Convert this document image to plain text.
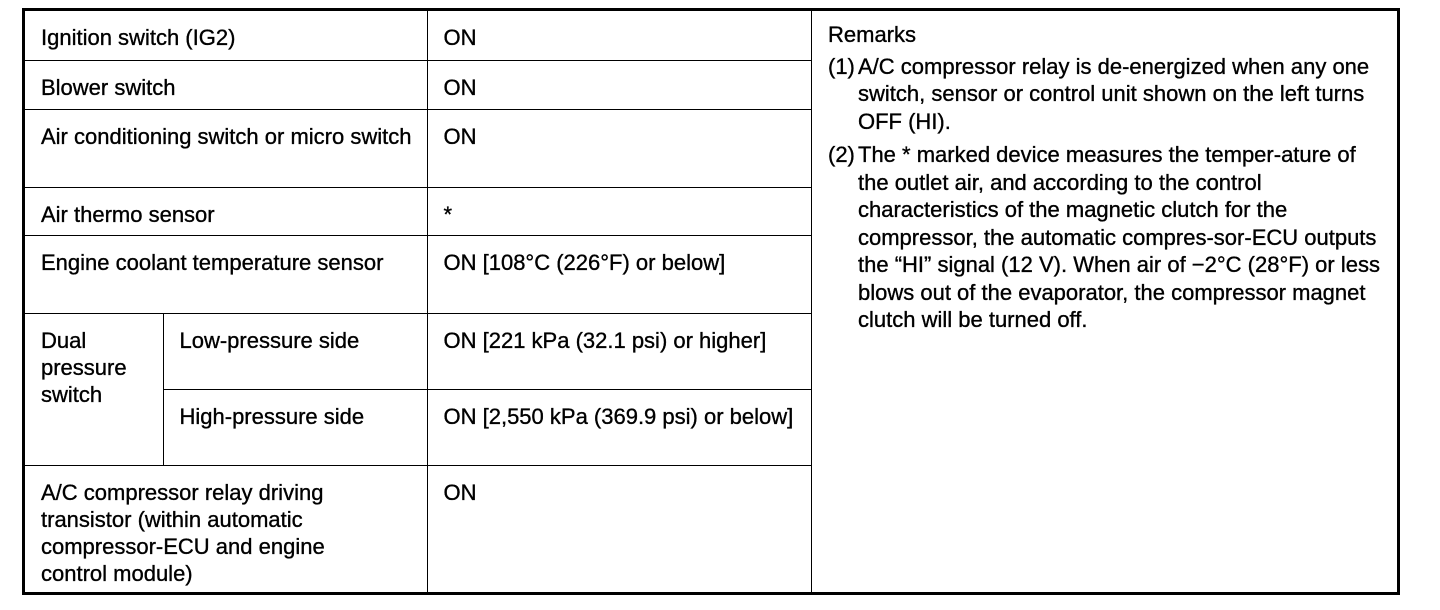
Ignition switch (IG2)		ON
Blower switch		ON
Air conditioning switch or micro switch		ON
Air thermo sensor		*
Engine coolant temperature sensor		ON [108°C (226°F) or below]
Dual pressure switch	Low-pressure side	ON [221 kPa (32.1 psi) or higher]
	High-pressure side	ON [2,550 kPa (369.9 psi) or below]
A/C compressor relay driving transistor (within automatic compressor-ECU and engine control module)		ON
Remarks
(1) A/C compressor relay is de-energized when any one switch, sensor or control unit shown on the left turns OFF (HI).
(2) The * marked device measures the temper-ature of the outlet air, and according to the control characteristics of the magnetic clutch for the compressor, the automatic compres-sor-ECU outputs the “HI” signal (12 V). When air of −2°C (28°F) or less blows out of the evaporator, the compressor magnet clutch will be turned off.
